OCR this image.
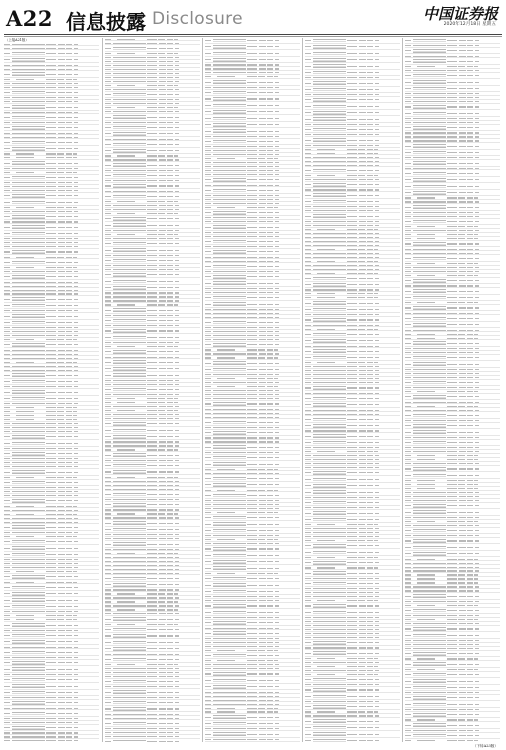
A22 信息披露 Disclosure	中国证券报
2020年12月18日 星期五
（上接A21版）
（下转A23版）
